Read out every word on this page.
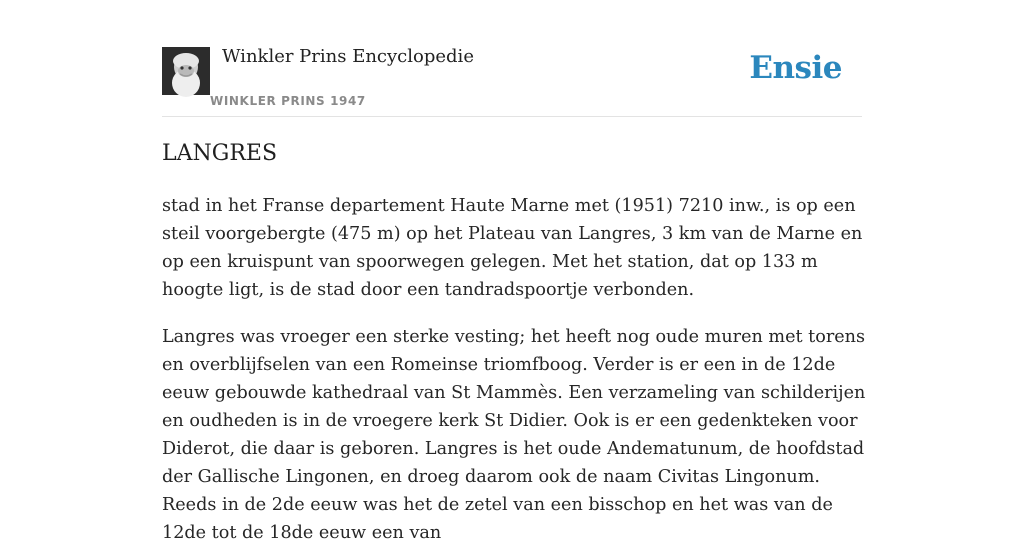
Winkler Prins Encyclopedie
WINKLER PRINS 1947
Ensie
LANGRES

stad in het Franse departement Haute Marne met (1951) 7210 inw., is op een steil voorgebergte (475 m) op het Plateau van Langres, 3 km van de Marne en op een kruispunt van spoorwegen gelegen. Met het station, dat op 133 m hoogte ligt, is de stad door een tandradspoortje verbonden.

Langres was vroeger een sterke vesting; het heeft nog oude muren met torens en overblijfselen van een Romeinse triomfboog. Verder is er een in de 12de eeuw gebouwde kathedraal van St Mammès. Een verzameling van schilderijen en oudheden is in de vroegere kerk St Didier. Ook is er een gedenkteken voor Diderot, die daar is geboren. Langres is het oude Andematunum, de hoofdstad der Gallische Lingonen, en droeg daarom ook de naam Civitas Lingonum. Reeds in de 2de eeuw was het de zetel van een bisschop en het was van de 12de tot de 18de eeuw een van
